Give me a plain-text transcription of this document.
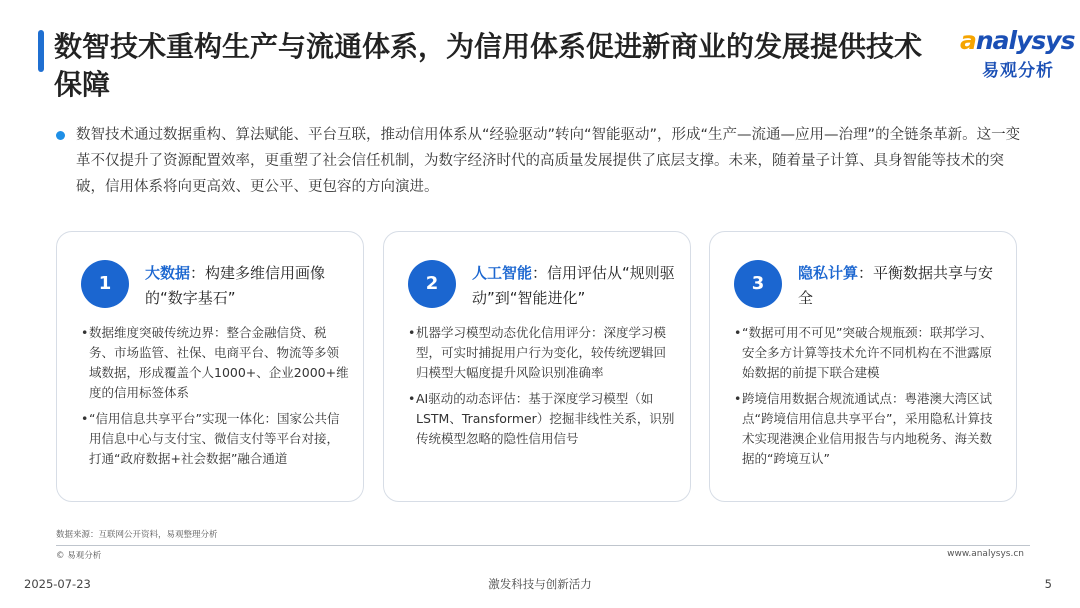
数智技术重构生产与流通体系，为信用体系促进新商业的发展提供技术保障
analysys
易观分析

数智技术通过数据重构、算法赋能、平台互联，推动信用体系从“经验驱动”转向“智能驱动”，形成“生产—流通—应用—治理”的全链条革新。这一变革不仅提升了资源配置效率，更重塑了社会信任机制，为数字经济时代的高质量发展提供了底层支撑。未来，随着量子计算、具身智能等技术的突破，信用体系将向更高效、更公平、更包容的方向演进。

1	大数据：构建多维信用画像的“数字基石”
• 数据维度突破传统边界：整合金融信贷、税务、市场监管、社保、电商平台、物流等多领域数据，形成覆盖个人1000+、企业2000+维度的信用标签体系
• “信用信息共享平台”实现一体化：国家公共信用信息中心与支付宝、微信支付等平台对接，打通“政府数据+社会数据”融合通道
2	人工智能：信用评估从“规则驱动”到“智能进化”
• 机器学习模型动态优化信用评分：深度学习模型，可实时捕捉用户行为变化，较传统逻辑回归模型大幅度提升风险识别准确率
• AI驱动的动态评估：基于深度学习模型（如LSTM、Transformer）挖掘非线性关系，识别传统模型忽略的隐性信用信号
3	隐私计算：平衡数据共享与安全
• “数据可用不可见”突破合规瓶颈：联邦学习、安全多方计算等技术允许不同机构在不泄露原始数据的前提下联合建模
• 跨境信用数据合规流通试点：粤港澳大湾区试点“跨境信用信息共享平台”，采用隐私计算技术实现港澳企业信用报告与内地税务、海关数据的“跨境互认”
数据来源：互联网公开资料，易观整理分析
© 易观分析	www.analysys.cn
2025-07-23	激发科技与创新活力	5
